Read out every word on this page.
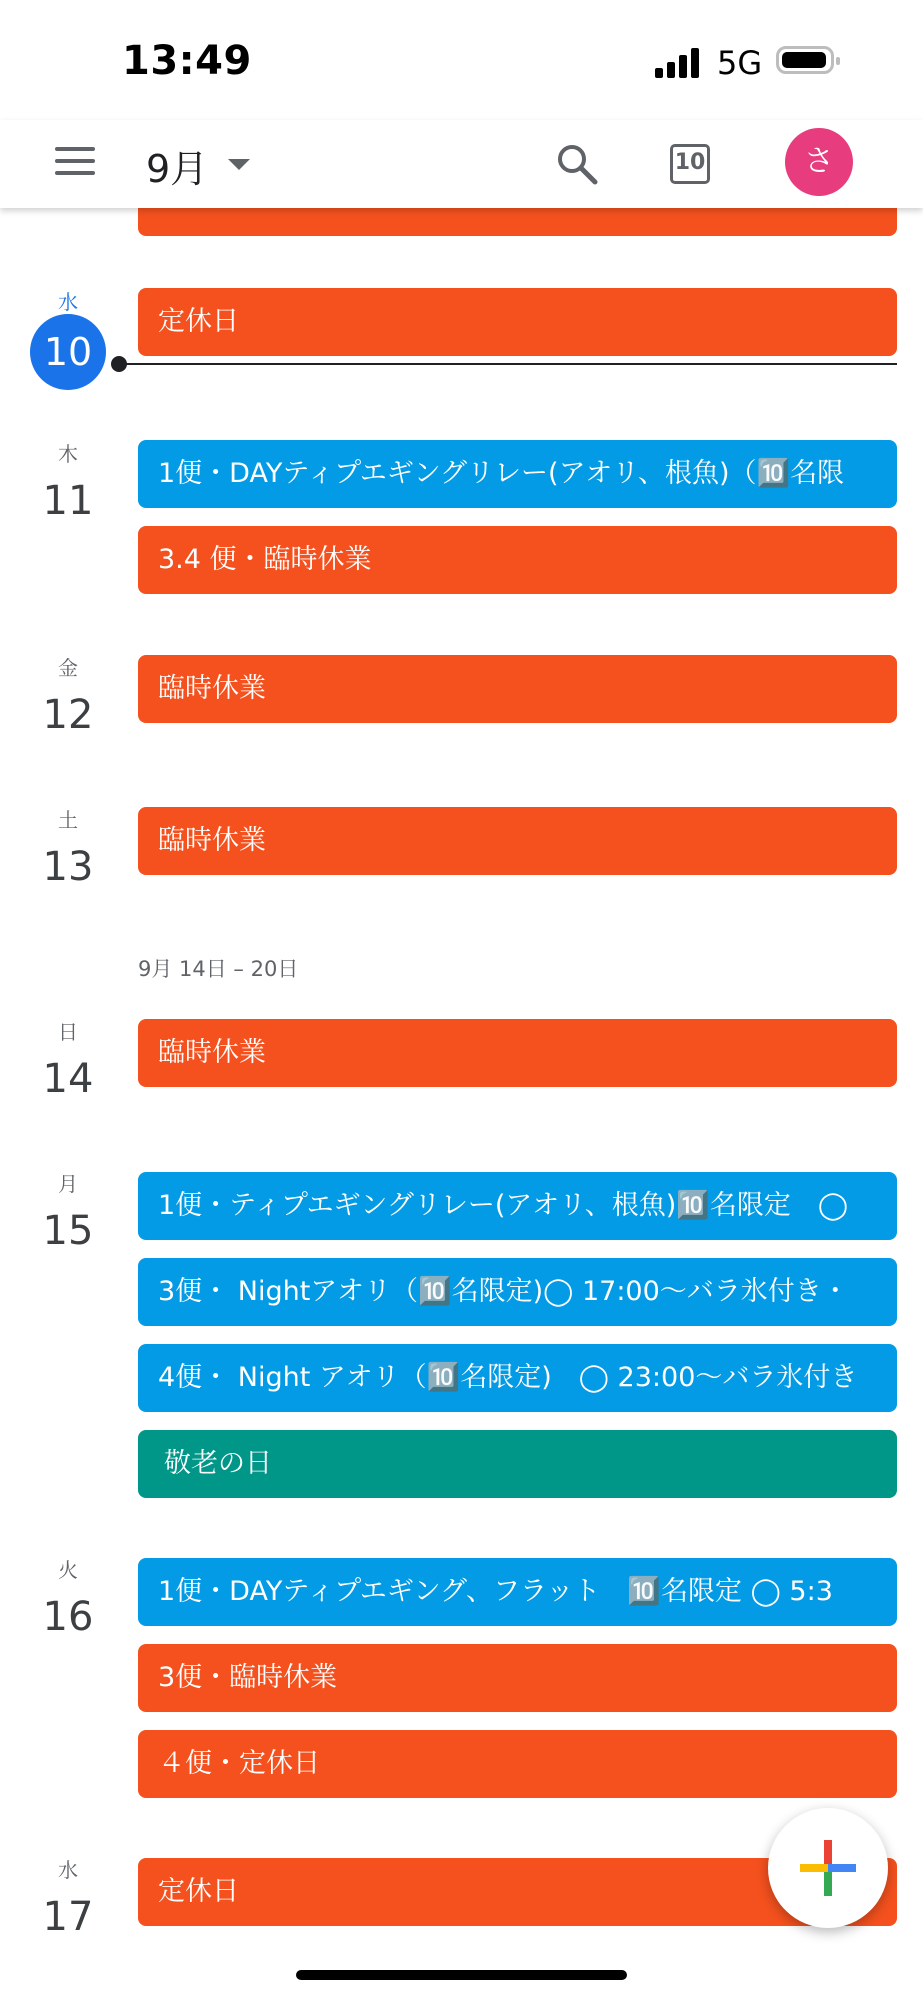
13:49	5G
9月	10	さ
水
10
定休日
木
11
1便・DAYティプエギングリレー(アオリ、根魚)（🔟名限
3.4 便・臨時休業
金
12
臨時休業
土
13
臨時休業
9月 14日 – 20日
日
14
臨時休業
月
15
1便・ティプエギングリレー(アオリ、根魚)🔟名限定　◯
3便・ Nightアオリ（🔟名限定)◯ 17:00～バラ氷付き・
4便・ Night アオリ（🔟名限定)　◯ 23:00～バラ氷付き
敬老の日
火
16
1便・DAYティプエギング、フラット　🔟名限定 ◯ 5:3
3便・臨時休業
４便・定休日
水
17
定休日
